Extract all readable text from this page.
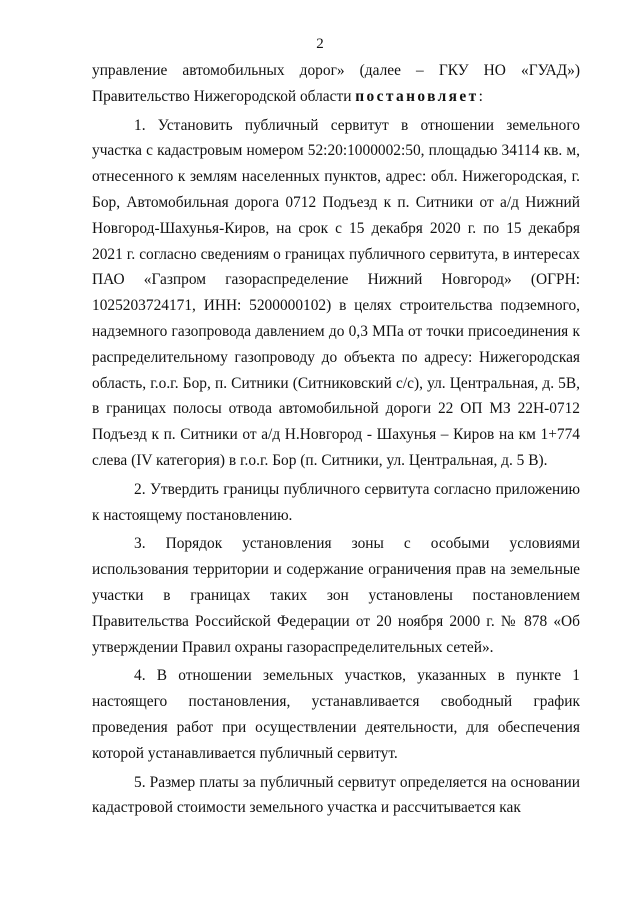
2

управление автомобильных дорог» (далее – ГКУ НО «ГУАД») Правительство Нижегородской области постановляет:

1. Установить публичный сервитут в отношении земельного участка с кадастровым номером 52:20:1000002:50, площадью 34114 кв. м, отнесенного к землям населенных пунктов, адрес: обл. Нижегородская, г. Бор, Автомобильная дорога 0712 Подъезд к п. Ситники от а/д Нижний Новгород-Шахунья-Киров, на срок с 15 декабря 2020 г. по 15 декабря 2021 г. согласно сведениям о границах публичного сервитута, в интересах ПАО «Газпром газораспределение Нижний Новгород» (ОГРН: 1025203724171, ИНН: 5200000102) в целях строительства подземного, надземного газопровода давлением до 0,3 МПа от точки присоединения к распределительному газопроводу до объекта по адресу: Нижегородская область, г.о.г. Бор, п. Ситники (Ситниковский с/с), ул. Центральная, д. 5В, в границах полосы отвода автомобильной дороги 22 ОП МЗ 22Н-0712 Подъезд к п. Ситники от а/д Н.Новгород - Шахунья – Киров на км 1+774 слева (IV категория) в г.о.г. Бор (п. Ситники, ул. Центральная, д. 5 В).

2. Утвердить границы публичного сервитута согласно приложению к настоящему постановлению.

3. Порядок установления зоны с особыми условиями использования территории и содержание ограничения прав на земельные участки в границах таких зон установлены постановлением Правительства Российской Федерации от 20 ноября 2000 г. № 878 «Об утверждении Правил охраны газораспределительных сетей».

4. В отношении земельных участков, указанных в пункте 1 настоящего постановления, устанавливается свободный график проведения работ при осуществлении деятельности, для обеспечения которой устанавливается публичный сервитут.

5. Размер платы за публичный сервитут определяется на основании кадастровой стоимости земельного участка и рассчитывается как
